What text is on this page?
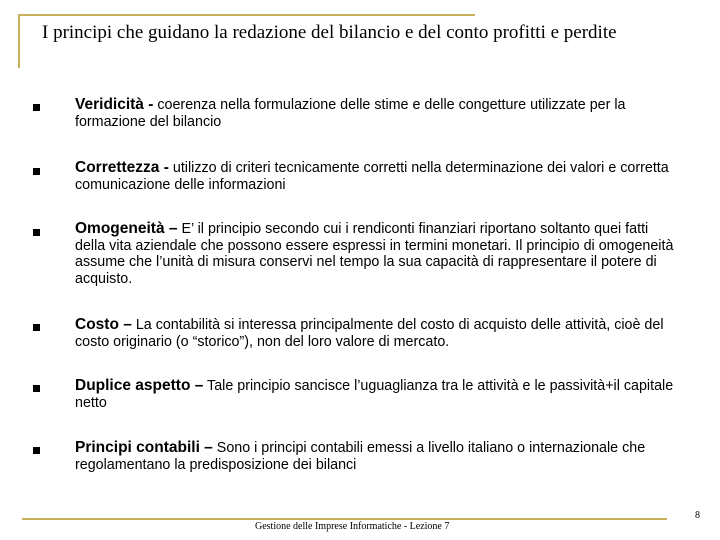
I principi che guidano la redazione del bilancio e del conto profitti e perdite
Veridicità - coerenza nella formulazione delle stime e delle congetture utilizzate per la formazione del bilancio
Correttezza - utilizzo di criteri tecnicamente corretti nella determinazione dei valori e corretta comunicazione delle informazioni
Omogeneità – E’ il principio secondo cui i rendiconti finanziari riportano soltanto quei fatti della vita aziendale che possono essere espressi in termini monetari. Il principio di omogeneità assume che l’unità di misura conservi nel tempo la sua capacità di rappresentare il potere di acquisto.
Costo – La contabilità si interessa principalmente del costo di acquisto delle attività, cioè del costo originario (o “storico”), non del loro valore di mercato.
Duplice aspetto – Tale principio sancisce l’uguaglianza tra le attività e le passività+il capitale netto
Principi contabili – Sono i principi contabili emessi a livello italiano o internazionale che regolamentano la predisposizione dei bilanci
Gestione delle Imprese Informatiche - Lezione 7
8
